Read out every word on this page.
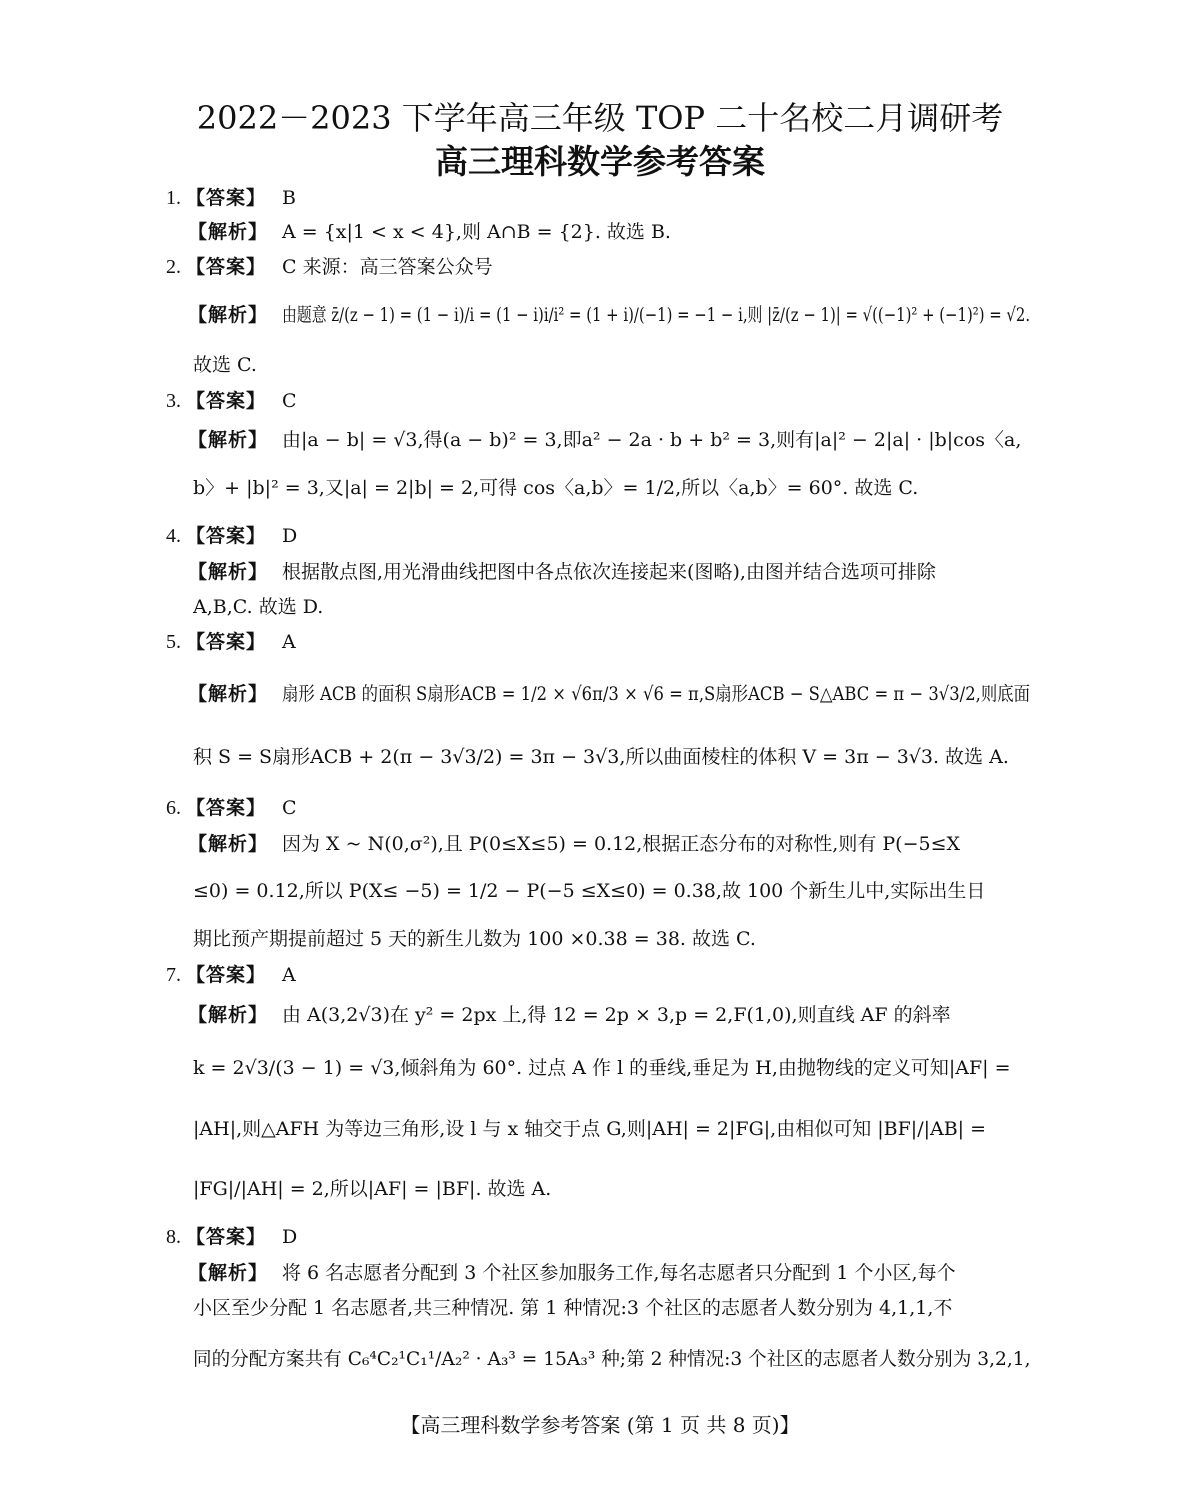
2022－2023 下学年高三年级 TOP 二十名校二月调研考
高三理科数学参考答案
1. 【答案】 B
【解析】 A = {x|1 < x < 4},则 A∩B = {2}. 故选 B.
2. 【答案】 C 来源：高三答案公众号
【解析】 由题意 z̄/(z − 1) = (1 − i)/i = (1 − i)i/i² = (1 + i)/(−1) = −1 − i,则 |z̄/(z − 1)| = √((−1)² + (−1)²) = √2.
故选 C.
3. 【答案】 C
【解析】 由|a − b| = √3,得(a − b)² = 3,即a² − 2a · b + b² = 3,则有|a|² − 2|a| · |b|cos〈a,
b〉+ |b|² = 3,又|a| = 2|b| = 2,可得 cos〈a,b〉= 1/2,所以〈a,b〉= 60°. 故选 C.
4. 【答案】 D
【解析】 根据散点图,用光滑曲线把图中各点依次连接起来(图略),由图并结合选项可排除
A,B,C. 故选 D.
5. 【答案】 A
【解析】 扇形 ACB 的面积 S扇形ACB = 1/2 × √6π/3 × √6 = π,S扇形ACB − S△ABC = π − 3√3/2,则底面
积 S = S扇形ACB + 2(π − 3√3/2) = 3π − 3√3,所以曲面棱柱的体积 V = 3π − 3√3. 故选 A.
6. 【答案】 C
【解析】 因为 X ~ N(0,σ²),且 P(0≤X≤5) = 0.12,根据正态分布的对称性,则有 P(−5≤X
≤0) = 0.12,所以 P(X≤ −5) = 1/2 − P(−5 ≤X≤0) = 0.38,故 100 个新生儿中,实际出生日
期比预产期提前超过 5 天的新生儿数为 100 ×0.38 = 38. 故选 C.
7. 【答案】 A
【解析】 由 A(3,2√3)在 y² = 2px 上,得 12 = 2p × 3,p = 2,F(1,0),则直线 AF 的斜率
k = 2√3/(3 − 1) = √3,倾斜角为 60°. 过点 A 作 l 的垂线,垂足为 H,由抛物线的定义可知|AF| =
|AH|,则△AFH 为等边三角形,设 l 与 x 轴交于点 G,则|AH| = 2|FG|,由相似可知 |BF|/|AB| =
|FG|/|AH| = 2,所以|AF| = |BF|. 故选 A.
8. 【答案】 D
【解析】 将 6 名志愿者分配到 3 个社区参加服务工作,每名志愿者只分配到 1 个小区,每个
小区至少分配 1 名志愿者,共三种情况. 第 1 种情况:3 个社区的志愿者人数分别为 4,1,1,不
同的分配方案共有 C₆⁴C₂¹C₁¹/A₂² · A₃³ = 15A₃³ 种;第 2 种情况:3 个社区的志愿者人数分别为 3,2,1,
【高三理科数学参考答案 (第 1 页 共 8 页)】
